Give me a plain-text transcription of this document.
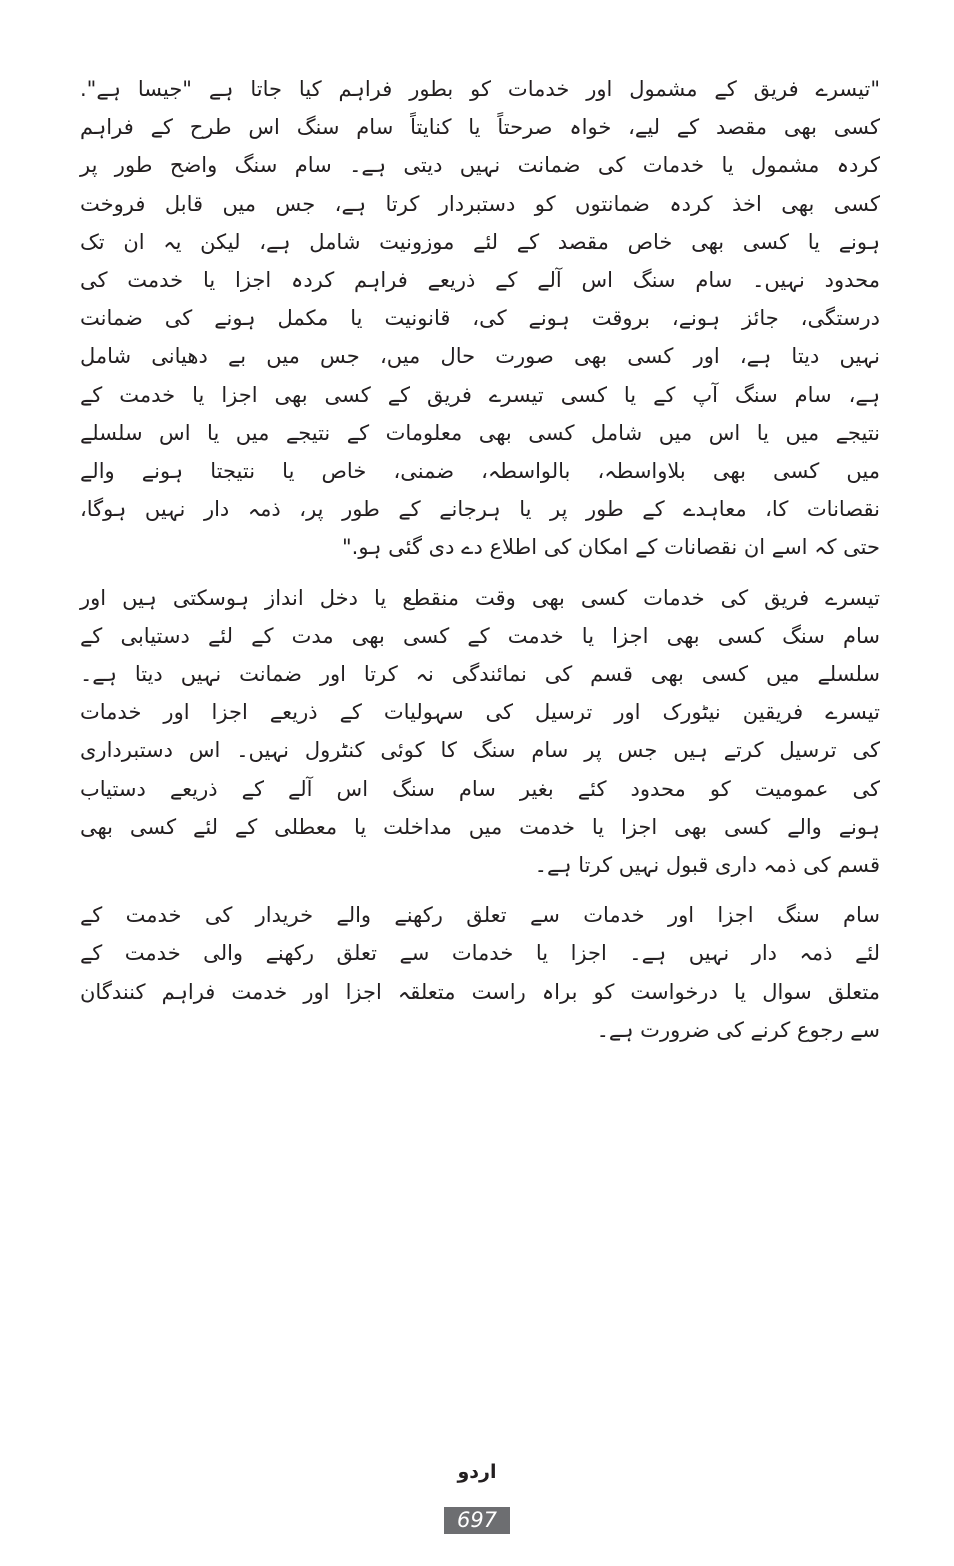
"تیسرے فریق کے مشمول اور خدمات کو بطور فراہم کیا جاتا ہے "جیسا ہے".
کسی بھی مقصد کے لیے، خواہ صرحتاً یا کنایتاً سام سنگ اس طرح کے فراہم
کردہ مشمول یا خدمات کی ضمانت نہیں دیتی ہے۔ سام سنگ واضح طور پر
کسی بھی اخذ کردہ ضمانتوں کو دستبردار کرتا ہے، جس میں قابل فروخت
ہونے یا کسی بھی خاص مقصد کے لئے موزونیت شامل ہے، لیکن یہ ان تک
محدود نہیں۔ سام سنگ اس آلے کے ذریعے فراہم کردہ اجزا یا خدمت کی
درستگی، جائز ہونے، بروقت ہونے کی، قانونیت یا مکمل ہونے کی ضمانت
نہیں دیتا ہے، اور کسی بھی صورت حال میں، جس میں بے دھیانی شامل
ہے، سام سنگ آپ کے یا کسی تیسرے فریق کے کسی بھی اجزا یا خدمت کے
نتیجے میں یا اس میں شامل کسی بھی معلومات کے نتیجے میں یا اس سلسلے
میں کسی بھی بلاواسطہ، بالواسطہ، ضمنی، خاص یا نتیجتا ہونے والے
نقصانات کا، معاہدے کے طور پر یا ہرجانے کے طور پر، ذمہ دار نہیں ہوگا،
حتی کہ اسے ان نقصانات کے امکان کی اطلاع دے دی گئی ہو."

تیسرے فریق کی خدمات کسی بھی وقت منقطع یا دخل انداز ہوسکتی ہیں اور
سام سنگ کسی بھی اجزا یا خدمت کے کسی بھی مدت کے لئے دستیابی کے
سلسلے میں کسی بھی قسم کی نمائندگی نہ کرتا اور ضمانت نہیں دیتا ہے۔
تیسرے فریقین نیٹورک اور ترسیل کی سہولیات کے ذریعے اجزا اور خدمات
کی ترسیل کرتے ہیں جس پر سام سنگ کا کوئی کنٹرول نہیں۔ اس دستبرداری
کی عمومیت کو محدود کئے بغیر سام سنگ اس آلے کے ذریعے دستیاب
ہونے والے کسی بھی اجزا یا خدمت میں مداخلت یا معطلی کے لئے کسی بھی
قسم کی ذمہ داری قبول نہیں کرتا ہے۔

سام سنگ اجزا اور خدمات سے تعلق رکھنے والے خریدار کی خدمت کے
لئے ذمہ دار نہیں ہے۔ اجزا یا خدمات سے تعلق رکھنے والی خدمت کے
متعلق سوال یا درخواست کو براہ راست متعلقہ اجزا اور خدمت فراہم کنندگان
سے رجوع کرنے کی ضرورت ہے۔

اردو
697
